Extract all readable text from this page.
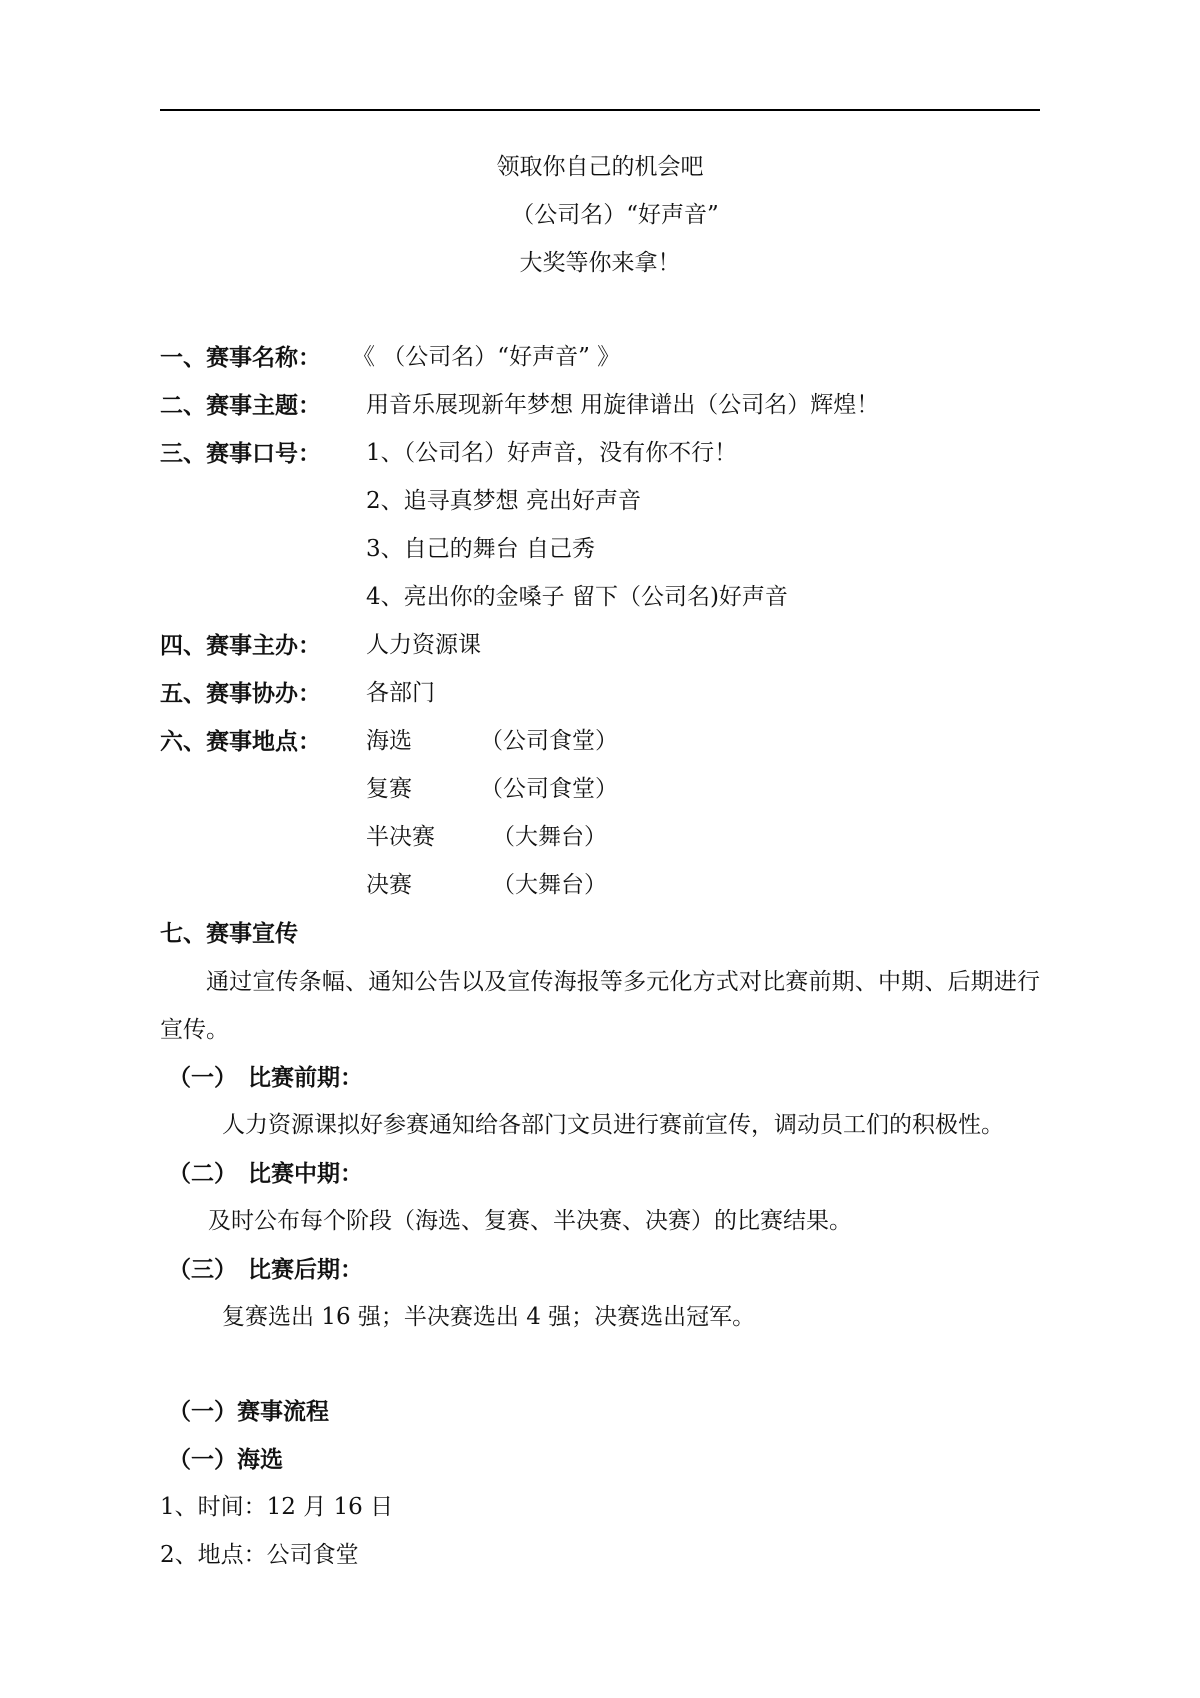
领取你自己的机会吧
（公司名）“好声音”
大奖等你来拿！
一、赛事名称： 《 （公司名）“好声音” 》
二、赛事主题： 用音乐展现新年梦想 用旋律谱出（公司名）辉煌！
三、赛事口号： 1、（公司名）好声音，没有你不行！
2、追寻真梦想 亮出好声音
3、自己的舞台 自己秀
4、亮出你的金嗓子 留下（公司名)好声音
四、赛事主办： 人力资源课
五、赛事协办： 各部门
六、赛事地点： 海选	（公司食堂）
复赛	（公司食堂）
半决赛 （大舞台）
决赛	（大舞台）
七、赛事宣传
通过宣传条幅、通知公告以及宣传海报等多元化方式对比赛前期、中期、后期进行宣传。
（一） 比赛前期：
人力资源课拟好参赛通知给各部门文员进行赛前宣传，调动员工们的积极性。
（二） 比赛中期：
及时公布每个阶段（海选、复赛、半决赛、决赛）的比赛结果。
（三） 比赛后期：
复赛选出 16 强；半决赛选出 4 强；决赛选出冠军。
（一）赛事流程
（一）海选
1、时间：12 月 16 日
2、地点：公司食堂
